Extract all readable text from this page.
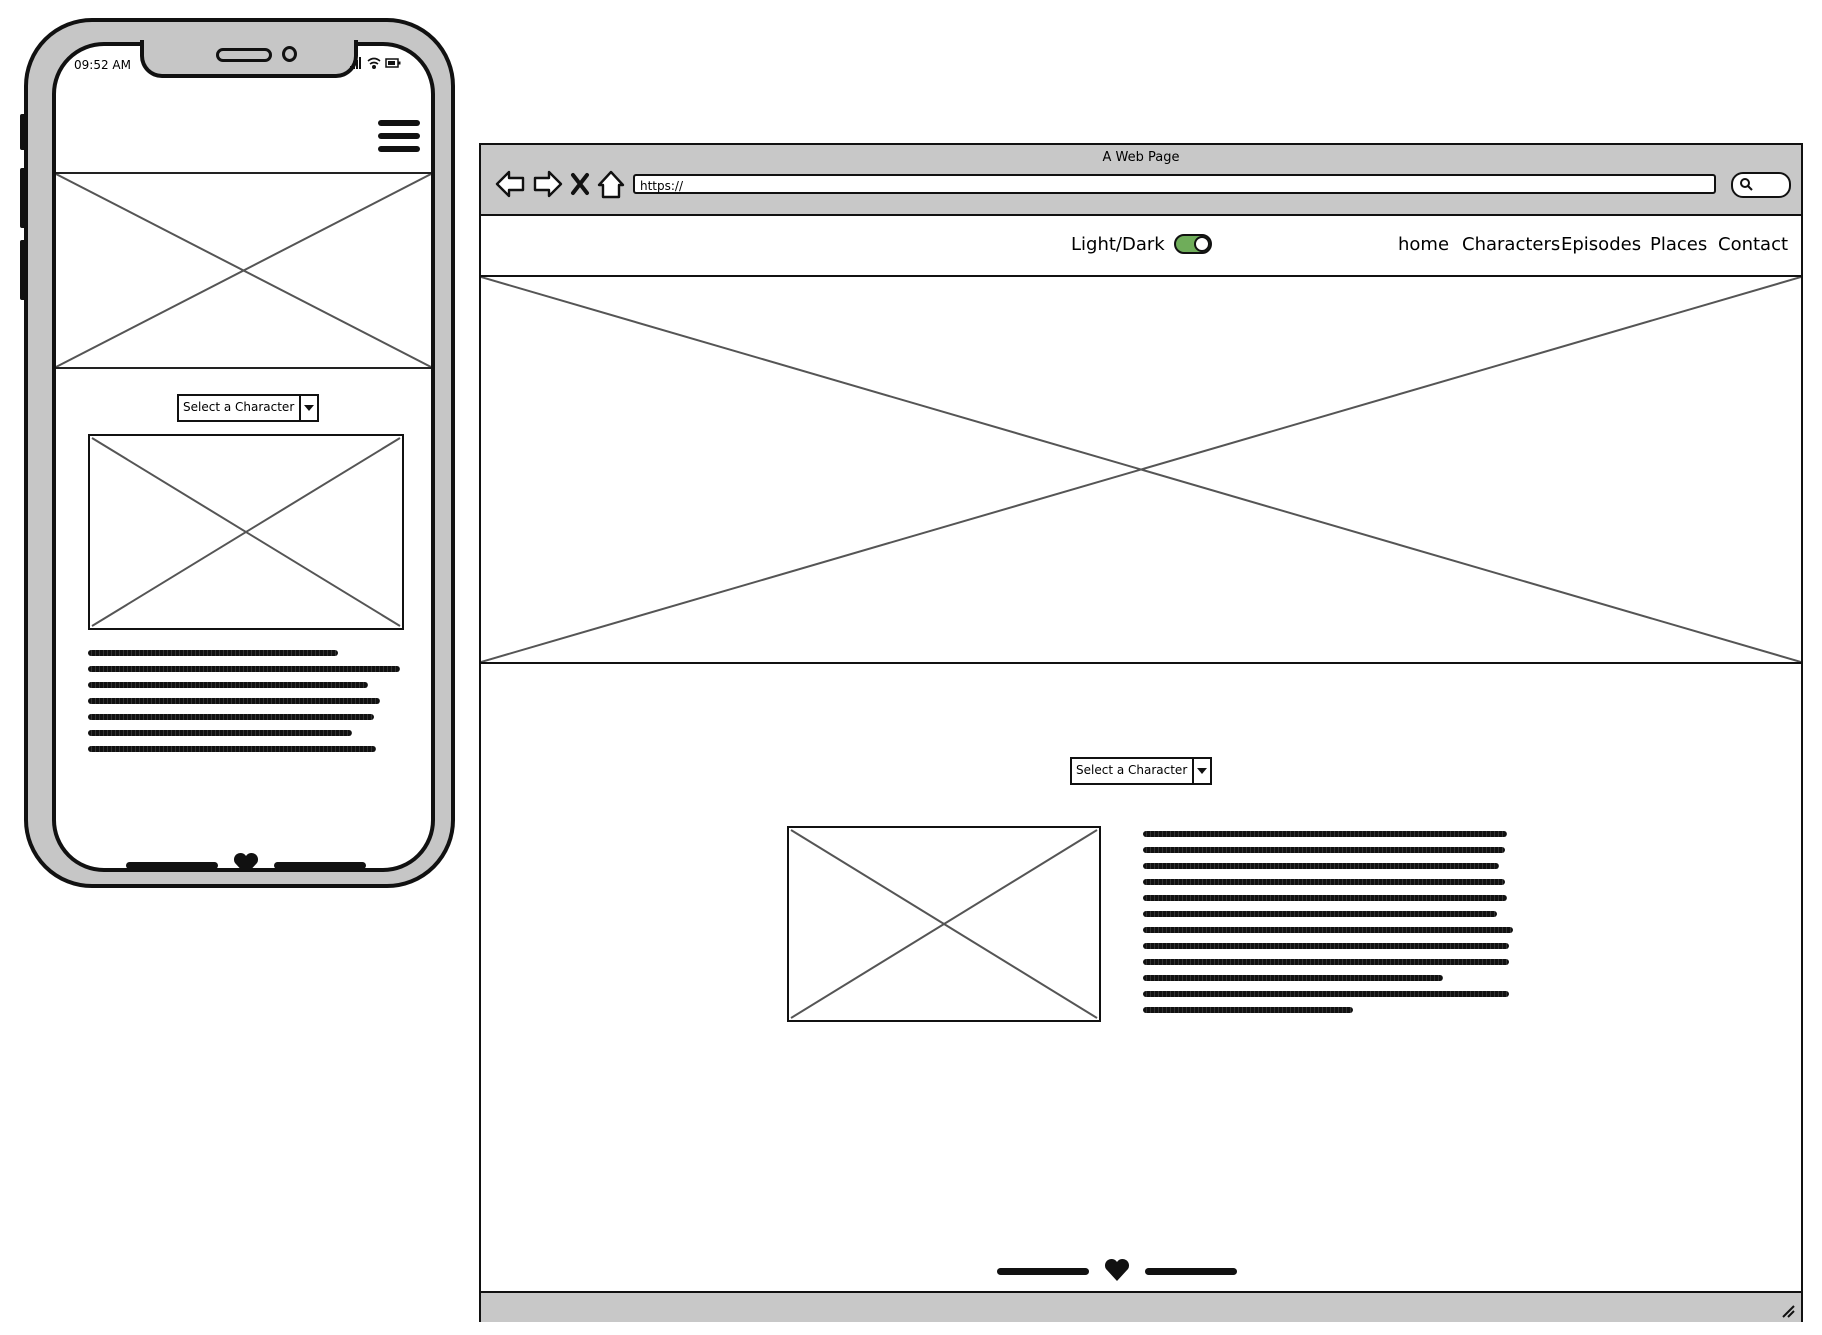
Select a Character
09:52 AM
A Web Page
https://
Light/Dark	home Characters Episodes Places Contact
Select a Character
